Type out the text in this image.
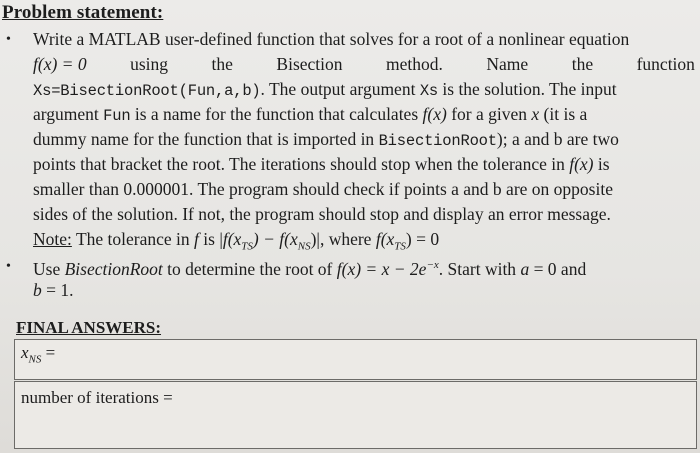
Problem statement:
• Write a MATLAB user-defined function that solves for a root of a nonlinear equation
f(x) = 0 using the Bisection method. Name the function
Xs=BisectionRoot(Fun,a,b). The output argument Xs is the solution. The input
argument Fun is a name for the function that calculates f(x) for a given x (it is a
dummy name for the function that is imported in BisectionRoot); a and b are two
points that bracket the root. The iterations should stop when the tolerance in f(x) is
smaller than 0.000001. The program should check if points a and b are on opposite
sides of the solution. If not, the program should stop and display an error message.
Note: The tolerance in f is $|f(x_{TS}) - f(x_{NS})|$, where $f(x_{TS}) = 0$
• Use BisectionRoot to determine the root of $f(x) = x - 2e^{-x}$. Start with a = 0 and
b = 1.
FINAL ANSWERS:
$x_{NS}$ =
number of iterations =
